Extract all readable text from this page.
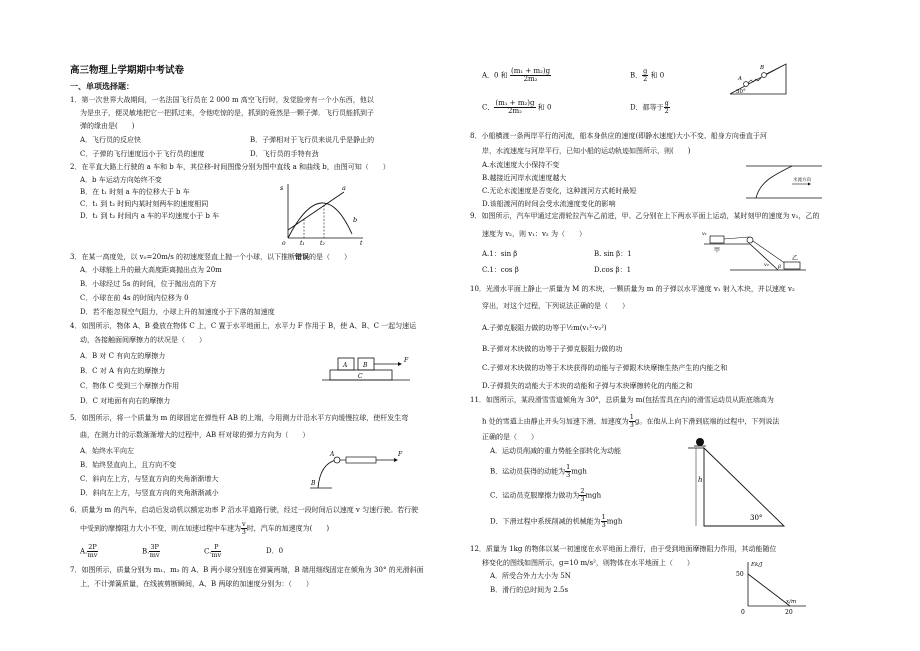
高三物理上学期期中考试卷
一、单项选择题：
1．第一次世界大战期间，一名法国飞行员在 2 000 m 高空飞行时，发觉脸旁有一个小东西，他以
为是虫子，便灵敏地把它一把抓过来，令他吃惊的是，抓到的竟然是一颗子弹．飞行员能抓到子
弹的缘由是(　　)
A．飞行员的反应快	B．子弹相对于飞行员来说几乎是静止的
C．子弹的飞行速度远小于飞行员的速度	D．飞行员的手特有劲
2．在平直大路上行驶的 a 车和 b 车，其位移-时间图像分别为图中直线 a 和曲线 b，由图可知（　　）
A．b 车运动方向始终不变
B．在 t₁ 时刻 a 车的位移大于 b 车
C．t₁ 到 t₂ 时间内某时刻两车的速度相同
D．t₁ 到 t₂ 时间内 a 车的平均速度小于 b 车
s	a
b
t₁	t₂	t
o
3．在某一高度处，以 v₀=20m/s 的初速度竖直上抛一个小球，以下推断错误的是（　　）
A．小球能上升的最大高度距离抛出点为 20m
B．小球经过 5s 的时间，位于抛出点的下方
C．小球在前 4s 的时间内位移为 0
D．若不能忽视空气阻力，小球上升的加速度小于下落的加速度
4．如图所示，物体 A、B 叠放在物体 C 上，C 置于水平地面上，水平力 F 作用于 B，使 A、B、C 一起匀速运
动，各接触面间摩擦力的状况是（　　）
A．B 对 C 有向左的摩擦力
B．C 对 A 有向左的摩擦力
C．物体 C 受到三个摩擦力作用
D．C 对地面有向右的摩擦力
A	B
C
F
5．如图所示，将一个质量为 m 的球固定在弹性杆 AB 的上端，今用测力计沿水平方向缓慢拉球，使杆发生弯
曲，在测力计的示数渐渐增大的过程中，AB 杆对球的弹力方向为（　　）
A．始终水平向左
B．始终竖直向上，且方向不变
C．斜向左上方，与竖直方向的夹角渐渐增大
D．斜向左上方，与竖直方向的夹角渐渐减小
B
A	F
6．质量为 m 的汽车，启动后发动机以额定功率 P 沿水平道路行驶，经过一段时间后以速度 v 匀速行驶。若行驶
中受到的摩擦阻力大小不变，则在加速过程中车速为 $\frac{v}{3}$ 时，汽车的加速度为(　　)
A. $\frac{2P}{mv}$	B. $\frac{3P}{mv}$	C. $\frac{P}{mv}$	D．0
7．如图所示，质量分别为 m₁、m₂ 的 A、B 两小球分别连在弹簧两端，B 端用细线固定在倾角为 30° 的光滑斜面
上，不计弹簧质量，在线被剪断瞬间，A、B 两球的加速度分别为：（　　）
A．0 和 $\frac{\text{(m₁ + m₂)g}}{\text{2m₂}}$	B． $\frac{g}{2}$ 和 0
C． $\frac{\text{(m₁ + m₂)g}}{\text{2m₂}}$ 和 0	D．都等于 $\frac{g}{2}$
A
B
30°
8．小船横渡一条两岸平行的河流，船本身供应的速度(即静水速度)大小不变、船身方向垂直于河
岸，水流速度与河岸平行，已知小船的运动轨迹如图所示，则(　　)
A.水流速度大小保持不变
B.越接近河岸水流速度越大
C.无论水流速度是否变化，这种渡河方式耗时最短
D.该船渡河的时间会受水流速度变化的影响
水流方向
9．如图所示，汽车甲通过定滑轮拉汽车乙前进，甲、乙分别在上下两水平面上运动，某时刻甲的速度为 v₁，乙的
速度为 v₂，则 v₁：v₂ 为（　　）
A.1：sin β	B. sin β：1
C.1：cos β	D.cos β：1
v₁
甲
v₂
乙
β
10．光滑水平面上静止一质量为 M 的木块，一颗质量为 m 的子弹以水平速度 v₁ 射入木块，并以速度 v₂
穿出，对这个过程，下列说法正确的是（　　）
A.子弹克服阻力做的功等于½m(v₁²-v₂²)
B.子弹对木块做的功等于子弹克服阻力做的功
C.子弹对木块做的功等于木块获得的动能与子弹跟木块摩擦生热产生的内能之和
D.子弹损失的动能大于木块的动能和子弹与木块摩擦转化的内能之和
11．如图所示，某段滑雪雪道倾角为 30°，总质量为 m(包括雪具在内)的滑雪运动员从距底端高为
h 处的雪道上由静止开头匀加速下滑，加速度为 $\frac{1}{3}$ g。在他从上向下滑到底端的过程中，下列说法
正确的是（　　）
A．运动员削减的重力势能全部转化为动能
B．运动员获得的动能为 $\frac{1}{3}$ mgh
C．运动员克服摩擦力做功为 $\frac{2}{3}$ mgh
D．下滑过程中系统削减的机械能为 $\frac{1}{3}$ mgh
h
30°
12．质量为 1kg 的物体以某一初速度在水平地面上滑行，由于受到地面摩擦阻力作用，其动能随位
移变化的图线如图所示，g=10 m/s²，则物体在水平地面上（　　）
A．所受合外力大小为 5N
B．滑行的总时间为 2.5s
Ek/J
50
x/m
20
0
